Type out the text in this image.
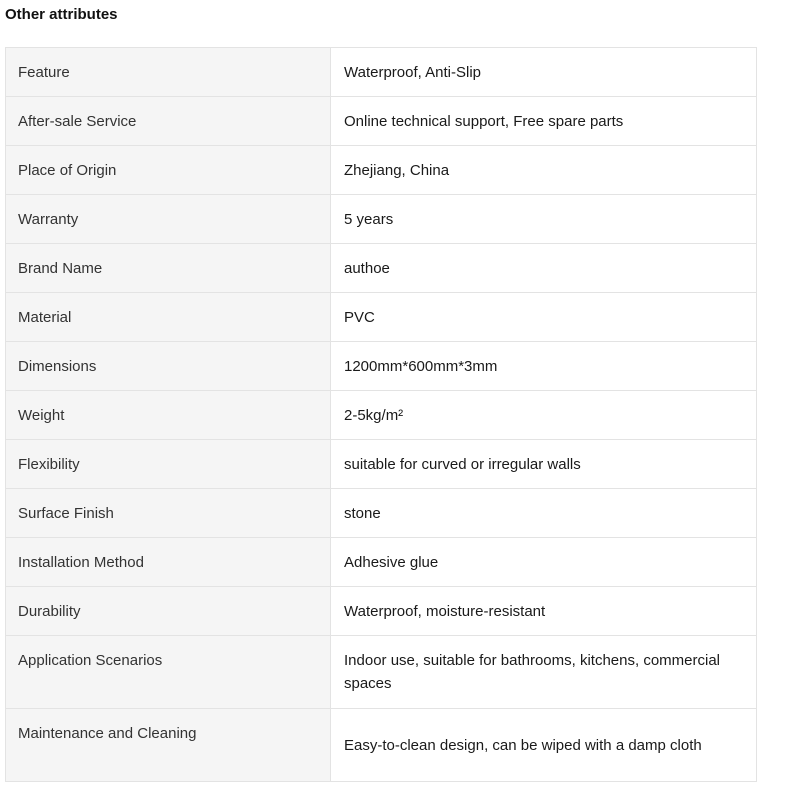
Other attributes
Feature	Waterproof, Anti-Slip
After-sale Service	Online technical support, Free spare parts
Place of Origin	Zhejiang, China
Warranty	5 years
Brand Name	authoe
Material	PVC
Dimensions	1200mm*600mm*3mm
Weight	2-5kg/m²
Flexibility	suitable for curved or irregular walls
Surface Finish	stone
Installation Method	Adhesive glue
Durability	Waterproof, moisture-resistant
Application Scenarios	Indoor use, suitable for bathrooms, kitchens, commercial spaces
Maintenance and Cleaning	Easy-to-clean design, can be wiped with a damp cloth
